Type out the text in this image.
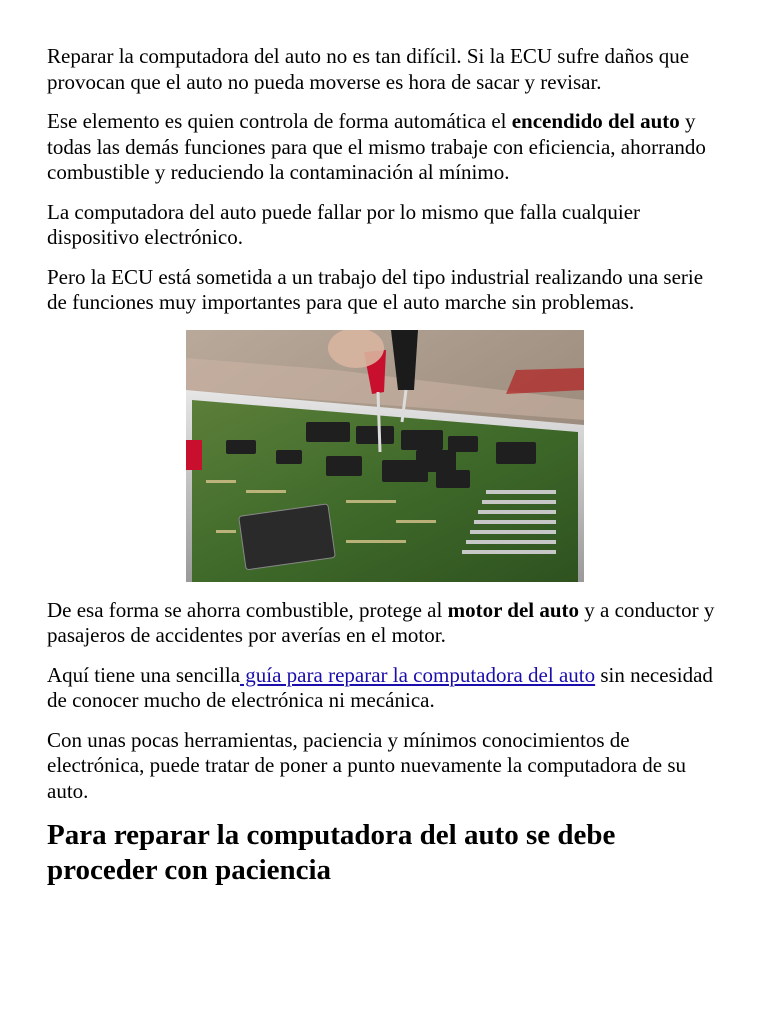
Reparar la computadora del auto no es tan difícil. Si la ECU sufre daños que provocan que el auto no pueda moverse es hora de sacar y revisar.

Ese elemento es quien controla de forma automática el encendido del auto y todas las demás funciones para que el mismo trabaje con eficiencia, ahorrando combustible y reduciendo la contaminación al mínimo.

La computadora del auto puede fallar por lo mismo que falla cualquier dispositivo electrónico.

Pero la ECU está sometida a un trabajo del tipo industrial realizando una serie de funciones muy importantes para que el auto marche sin problemas.

De esa forma se ahorra combustible, protege al motor del auto y a conductor y pasajeros de accidentes por averías en el motor.

Aquí tiene una sencilla guía para reparar la computadora del auto sin necesidad de conocer mucho de electrónica ni mecánica.

Con unas pocas herramientas, paciencia y mínimos conocimientos de electrónica, puede tratar de poner a punto nuevamente la computadora de su auto.

Para reparar la computadora del auto se debe proceder con paciencia
